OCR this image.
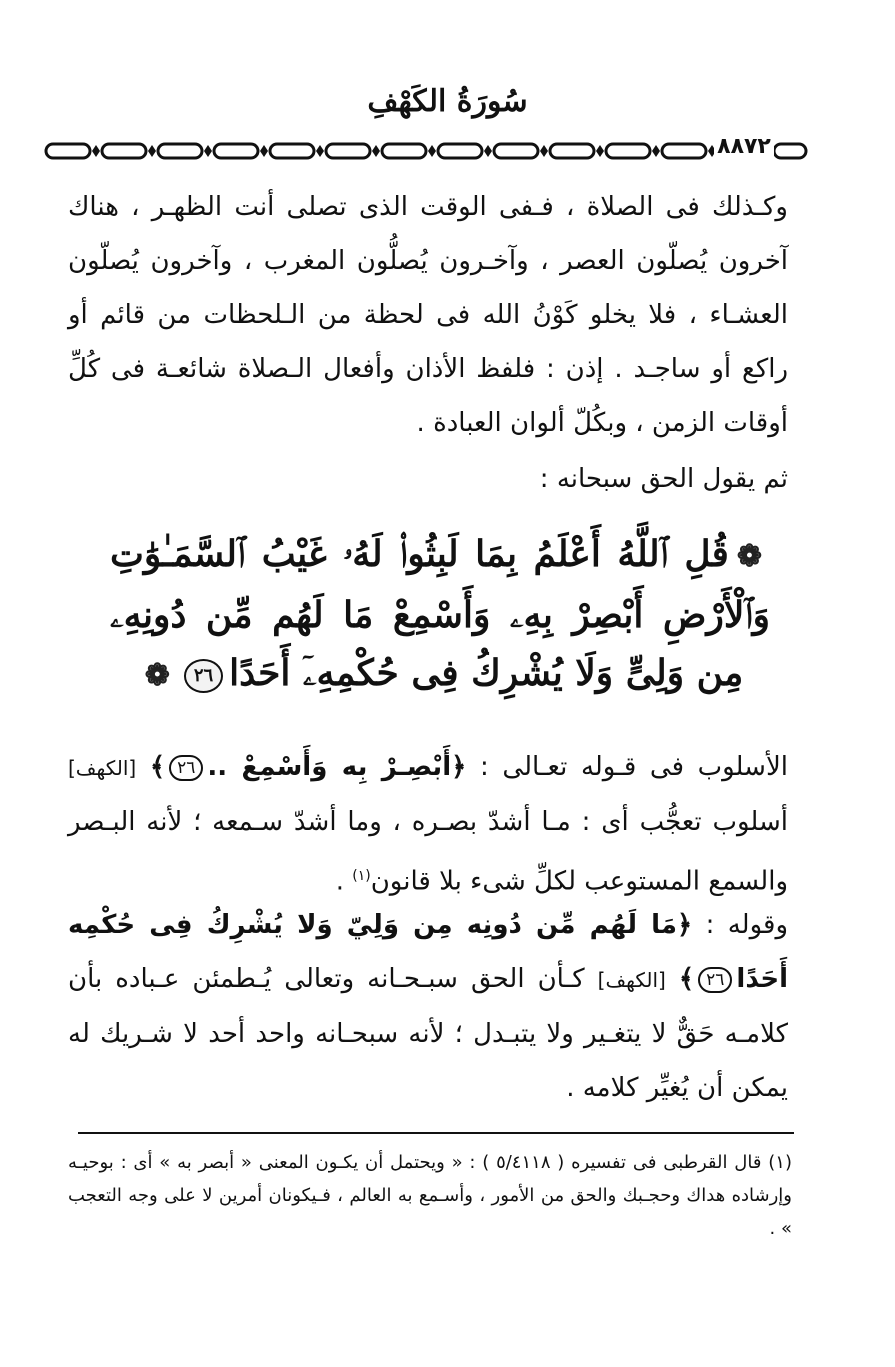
سُورَةُ الكَهْفِ
٨٨٧٢
وكـذلك فى الصلاة ، فـفى الوقت الذى تصلى أنت الظهـر ، هناك آخرون يُصلّون العصر ، وآخـرون يُصلُّون المغرب ، وآخرون يُصلّون العشـاء ، فلا يخلو كَوْنُ الله فى لحظة من الـلحظات من قائم أو راكع أو ساجـد . إذن : فلفظ الأذان وأفعال الـصلاة شائعـة فى كُلِّ أوقات الزمن ، وبكُلّ ألوان العبادة .
ثم يقول الحق سبحانه :
❁قُلِ ٱللَّهُ أَعْلَمُ بِمَا لَبِثُوا۟ لَهُۥ غَيْبُ ٱلسَّمَـٰوَٰتِ وَٱلْأَرْضِ أَبْصِرْ بِهِۦ وَأَسْمِعْ مَا لَهُم مِّن دُونِهِۦ مِن وَلِىٍّ وَلَا يُشْرِكُ فِى حُكْمِهِۦٓ أَحَدًا٢٦❁
الأسلوب فى قـوله تعـالى : ﴿أَبْصِـرْ بِه وَأَسْمِعْ ..٢٦﴾ [الكهف] أسلوب تعجُّب أى : مـا أشدّ بصـره ، وما أشدّ سـمعه ؛ لأنه البـصر والسمع المستوعب لكلِّ شىء بلا قانون$^{(١)}$ .
وقوله : ﴿مَا لَهُم مِّن دُونِه مِن وَلِيّ وَلا يُشْرِكُ فِى حُكْمِه أَحَدًا٢٦﴾ [الكهف] كـأن الحق سبـحـانه وتعالى يُـطمئن عـباده بأن كلامـه حَقٌّ لا يتغـير ولا يتبـدل ؛ لأنه سبحـانه واحد أحد لا شـريك له يمكن أن يُغيِّر كلامه .
(١) قال القرطبى فى تفسيره ( ٥/٤١١٨ ) : « ويحتمل أن يكـون المعنى « أبصر به » أى : بوحيـه وإرشاده هداك وحجـبك والحق من الأمور ، وأسـمع به العالم ، فـيكونان أمرين لا على وجه التعجب » .
